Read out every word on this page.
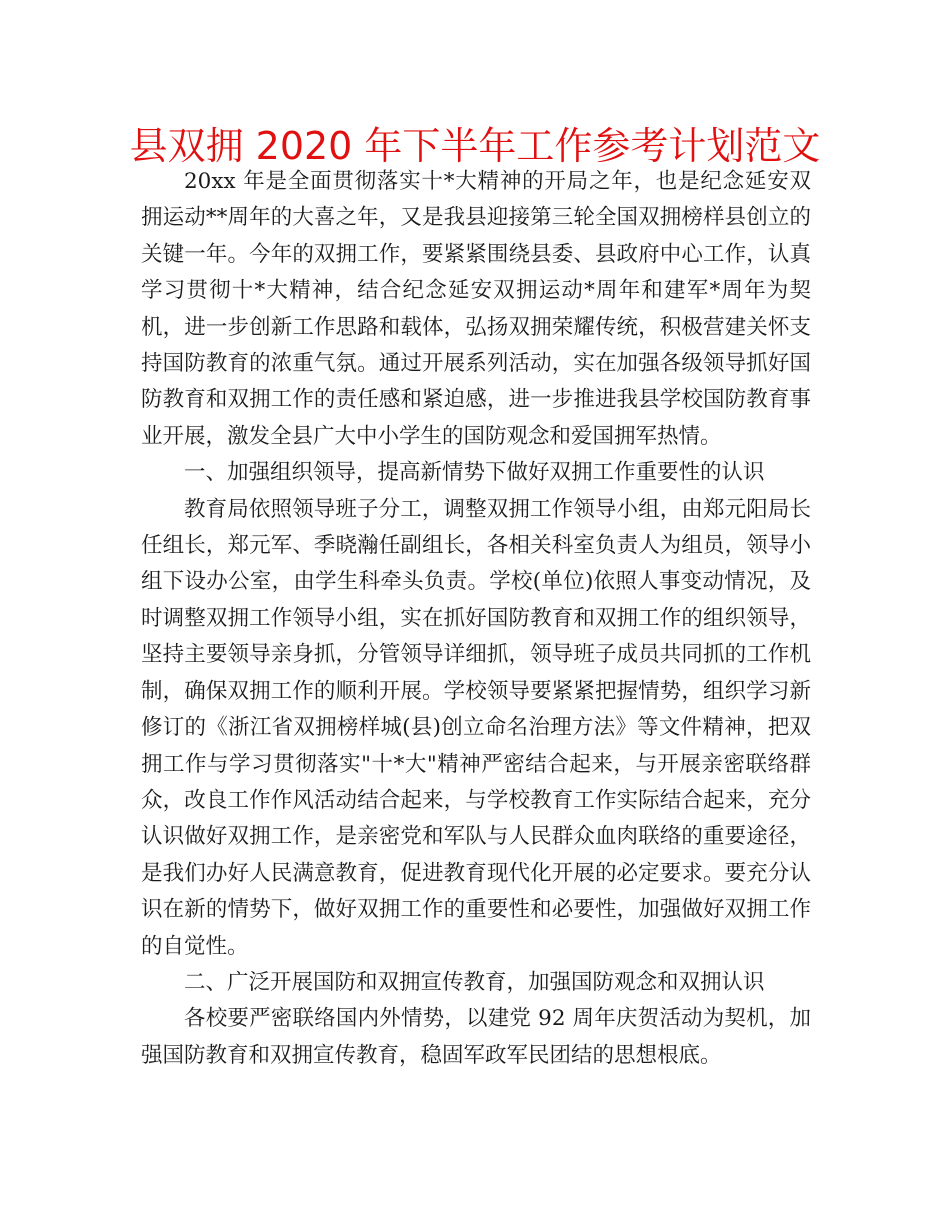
县双拥 2020 年下半年工作参考计划范文

20xx 年是全面贯彻落实十*大精神的开局之年，也是纪念延安双拥运动**周年的大喜之年，又是我县迎接第三轮全国双拥榜样县创立的关键一年。今年的双拥工作，要紧紧围绕县委、县政府中心工作，认真学习贯彻十*大精神，结合纪念延安双拥运动*周年和建军*周年为契机，进一步创新工作思路和载体，弘扬双拥荣耀传统，积极营建关怀支持国防教育的浓重气氛。通过开展系列活动，实在加强各级领导抓好国防教育和双拥工作的责任感和紧迫感，进一步推进我县学校国防教育事业开展，激发全县广大中小学生的国防观念和爱国拥军热情。

一、加强组织领导，提高新情势下做好双拥工作重要性的认识

教育局依照领导班子分工，调整双拥工作领导小组，由郑元阳局长任组长，郑元军、季晓瀚任副组长，各相关科室负责人为组员，领导小组下设办公室，由学生科牵头负责。学校(单位)依照人事变动情况，及时调整双拥工作领导小组，实在抓好国防教育和双拥工作的组织领导，坚持主要领导亲身抓，分管领导详细抓，领导班子成员共同抓的工作机制，确保双拥工作的顺利开展。学校领导要紧紧把握情势，组织学习新修订的《浙江省双拥榜样城(县)创立命名治理方法》等文件精神，把双拥工作与学习贯彻落实"十*大"精神严密结合起来，与开展亲密联络群众，改良工作作风活动结合起来，与学校教育工作实际结合起来，充分认识做好双拥工作，是亲密党和军队与人民群众血肉联络的重要途径，是我们办好人民满意教育，促进教育现代化开展的必定要求。要充分认识在新的情势下，做好双拥工作的重要性和必要性，加强做好双拥工作的自觉性。

二、广泛开展国防和双拥宣传教育，加强国防观念和双拥认识

各校要严密联络国内外情势，以建党 92 周年庆贺活动为契机，加强国防教育和双拥宣传教育，稳固军政军民团结的思想根底。
